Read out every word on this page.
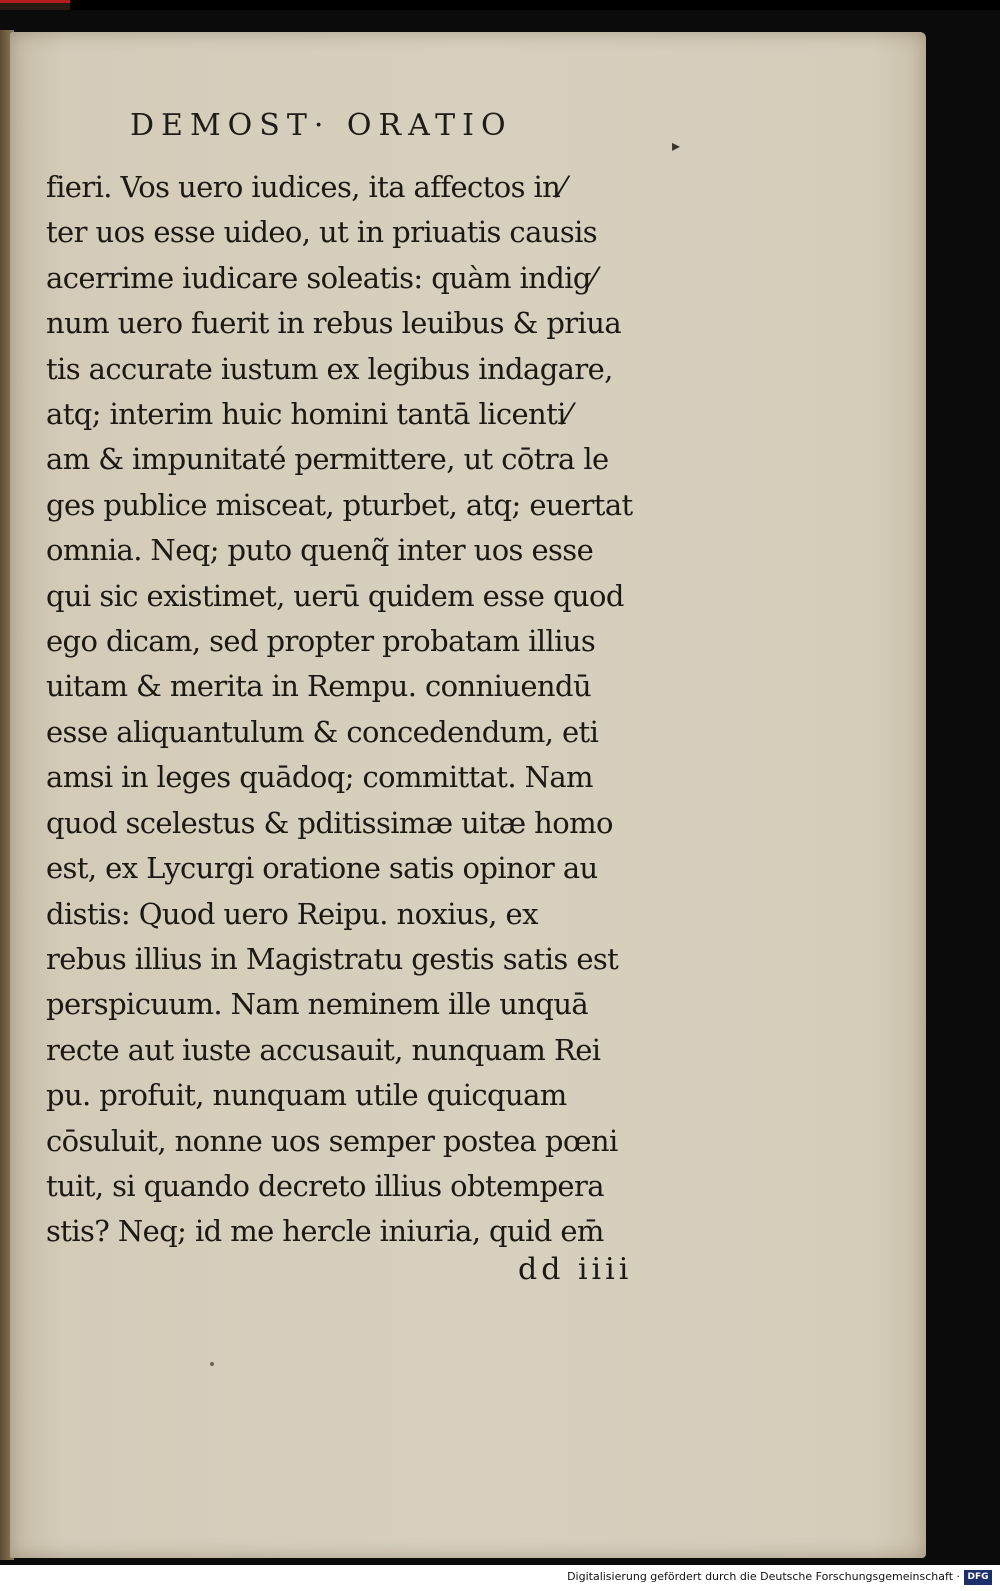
DEMOST· ORATIO
▸
fieri. Vos uero iudices, ita affectos in⁄
ter uos esse uideo, ut in priuatis causis
acerrime iudicare soleatis: quàm indig⁄
num uero fuerit in rebus leuibus & priua
tis accurate iustum ex legibus indagare,
atq; interim huic homini tantā licenti⁄
am & impunitaté permittere, ut cōtra le
ges publice misceat, pturbet, atq; euertat
omnia. Neq; puto quenq̃ inter uos esse
qui sic existimet, uerū quidem esse quod
ego dicam, sed propter probatam illius
uitam & merita in Rempu. conniuendū
esse aliquantulum & concedendum, eti
amsi in leges quādoq; committat. Nam
quod scelestus & pditissimæ uitæ homo
est, ex Lycurgi oratione satis opinor au
distis: Quod uero Reipu. noxius, ex
rebus illius in Magistratu gestis satis est
perspicuum. Nam neminem ille unquā
recte aut iuste accusauit, nunquam Rei
pu. profuit, nunquam utile quicquam
cōsuluit, nonne uos semper postea pœni
tuit, si quando decreto illius obtempera
stis? Neq; id me hercle iniuria, quid em̄
dd iiii
Digitalisierung gefördert durch die Deutsche Forschungsgemeinschaft · DFG
